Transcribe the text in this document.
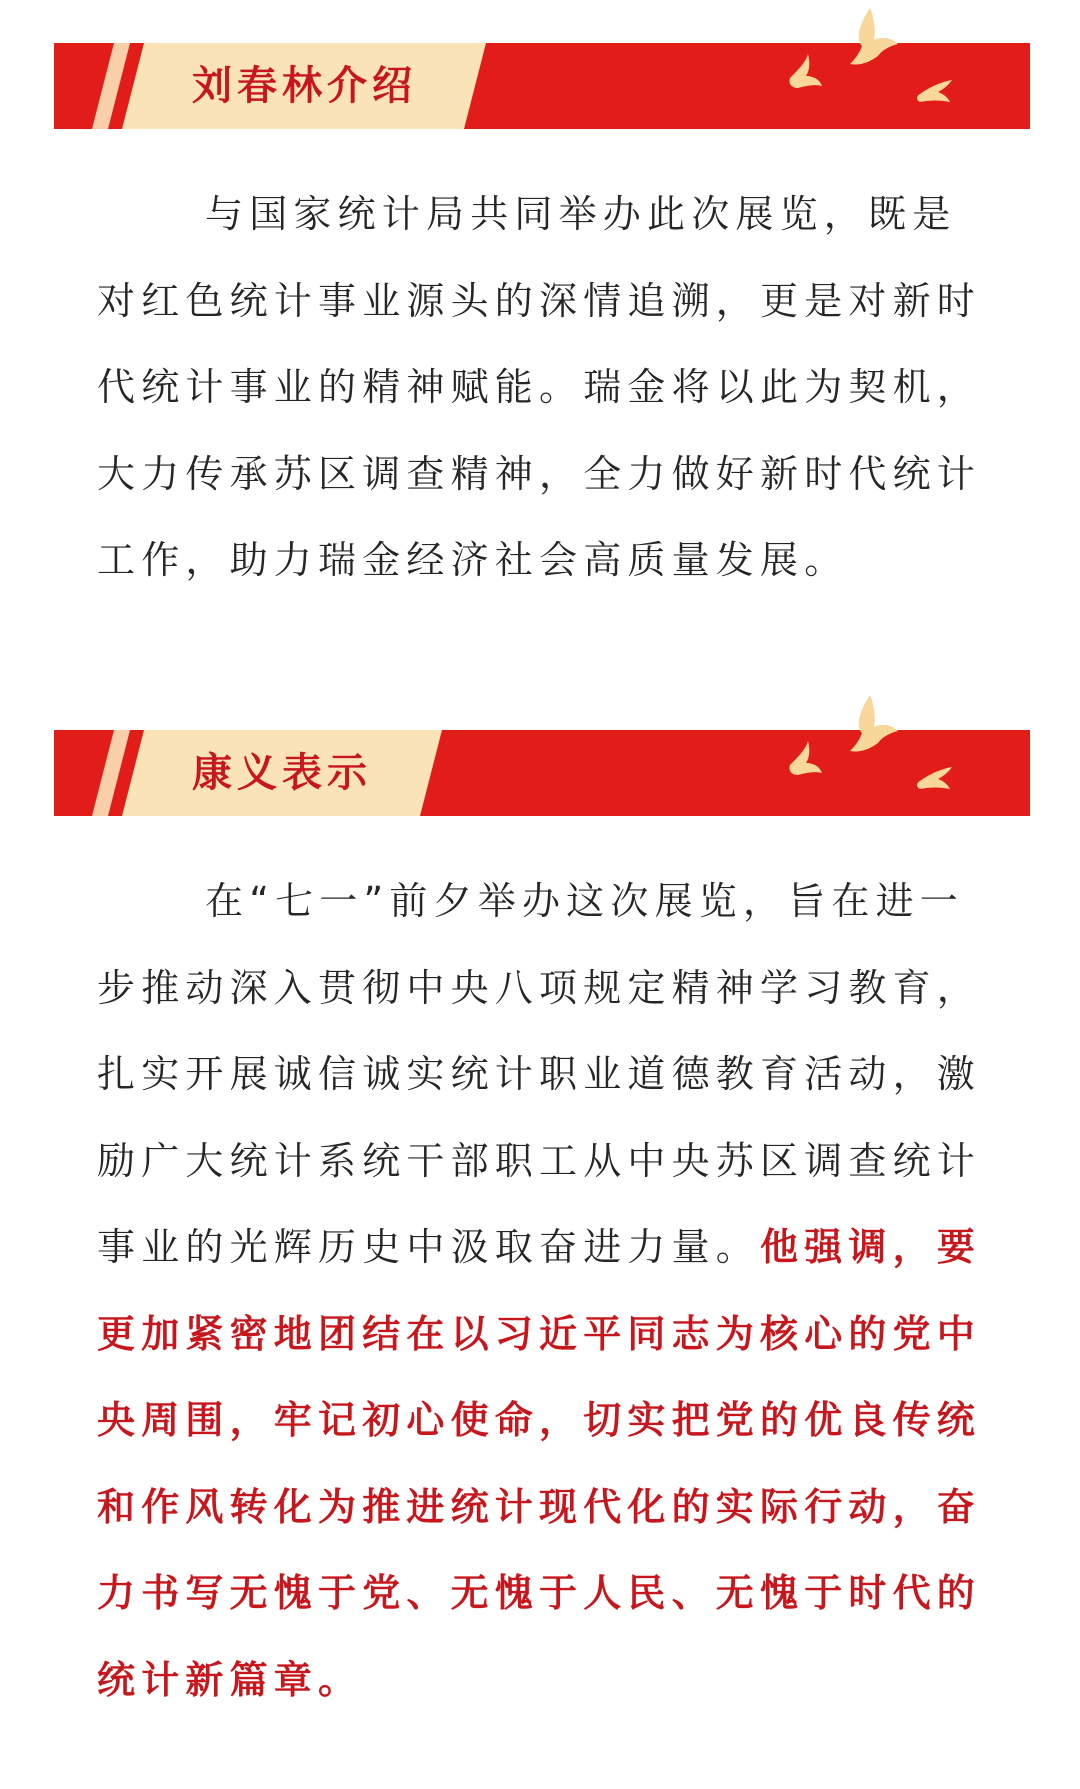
刘春林介绍

与国家统计局共同举办此次展览，既是对红色统计事业源头的深情追溯，更是对新时代统计事业的精神赋能。瑞金将以此为契机，大力传承苏区调查精神，全力做好新时代统计工作，助力瑞金经济社会高质量发展。

康义表示

在“七一”前夕举办这次展览，旨在进一步推动深入贯彻中央八项规定精神学习教育，扎实开展诚信诚实统计职业道德教育活动，激励广大统计系统干部职工从中央苏区调查统计事业的光辉历史中汲取奋进力量。他强调，要更加紧密地团结在以习近平同志为核心的党中央周围，牢记初心使命，切实把党的优良传统和作风转化为推进统计现代化的实际行动，奋力书写无愧于党、无愧于人民、无愧于时代的统计新篇章。
